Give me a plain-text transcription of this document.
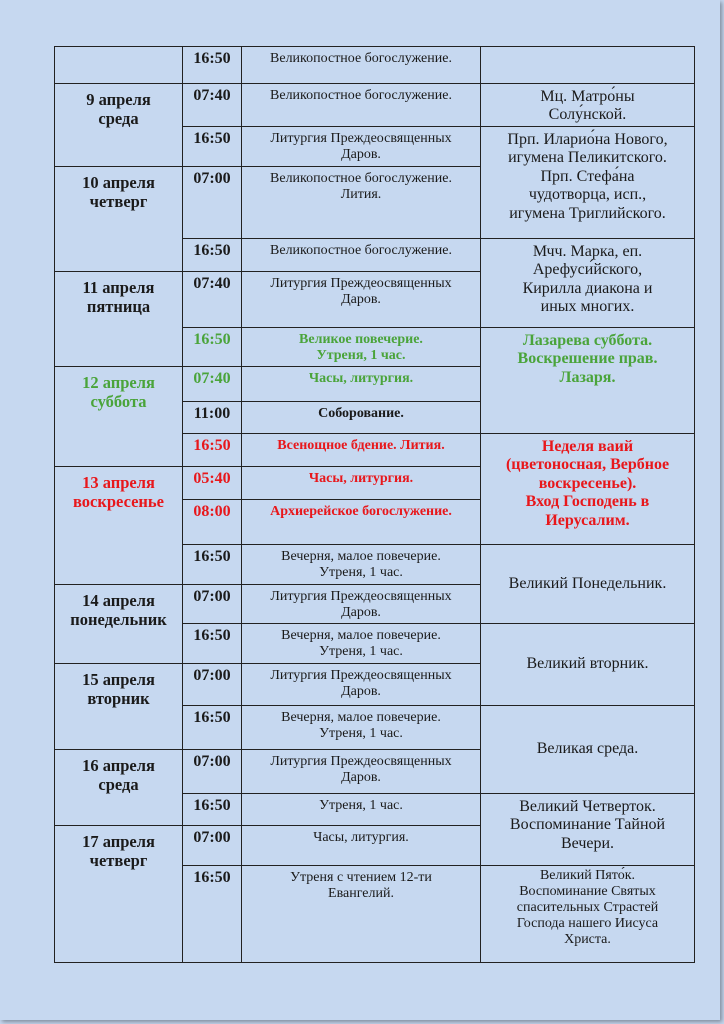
	16:50	Великопостное богослужение.	

9 апреля
среда	07:40	Великопостное богослужение.	Мц. Матро́ны
Солу́нской.

	16:50	Литургия Преждеосвященных
Даров.	Прп. Иларио́на Нового,
игумена Пеликитского.
Прп. Стефа́на
чудотворца, исп.,
игумена Триглийского.

10 апреля
четверг	07:00	Великопостное богослужение.
Лития.	

	16:50	Великопостное богослужение.	Мчч. Марка, еп.
Арефуси́йского,
Кирилла диакона и
иных многих.

11 апреля
пятница	07:40	Литургия Преждеосвященных
Даров.	

	16:50	Великое повечерие.
Утреня, 1 час.	Лазарева суббота.
Воскрешение прав.
Лазаря.

12 апреля
суббота	07:40	Часы, литургия.	

	11:00	Соборование.	

	16:50	Всенощное бдение. Лития.	Неделя ваий
(цветоносная, Вербное
воскресенье).
Вход Господень в
Иерусалим.

13 апреля
воскресенье	05:40	Часы, литургия.	

	08:00	Архиерейское богослужение.	

	16:50	Вечерня, малое повечерие.
Утреня, 1 час.	Великий Понедельник.

14 апреля
понедельник	07:00	Литургия Преждеосвященных
Даров.	

	16:50	Вечерня, малое повечерие.
Утреня, 1 час.	Великий вторник.

15 апреля
вторник	07:00	Литургия Преждеосвященных
Даров.	

	16:50	Вечерня, малое повечерие.
Утреня, 1 час.	Великая среда.

16 апреля
среда	07:00	Литургия Преждеосвященных
Даров.	

	16:50	Утреня, 1 час.	Великий Четверток.
Воспоминание Тайной
Вечери.

17 апреля
четверг	07:00	Часы, литургия.	

	16:50	Утреня с чтением 12-ти
Евангелий.	Великий Пято́к.
Воспоминание Святых
спасительных Страстей
Господа нашего Иисуса
Христа.
